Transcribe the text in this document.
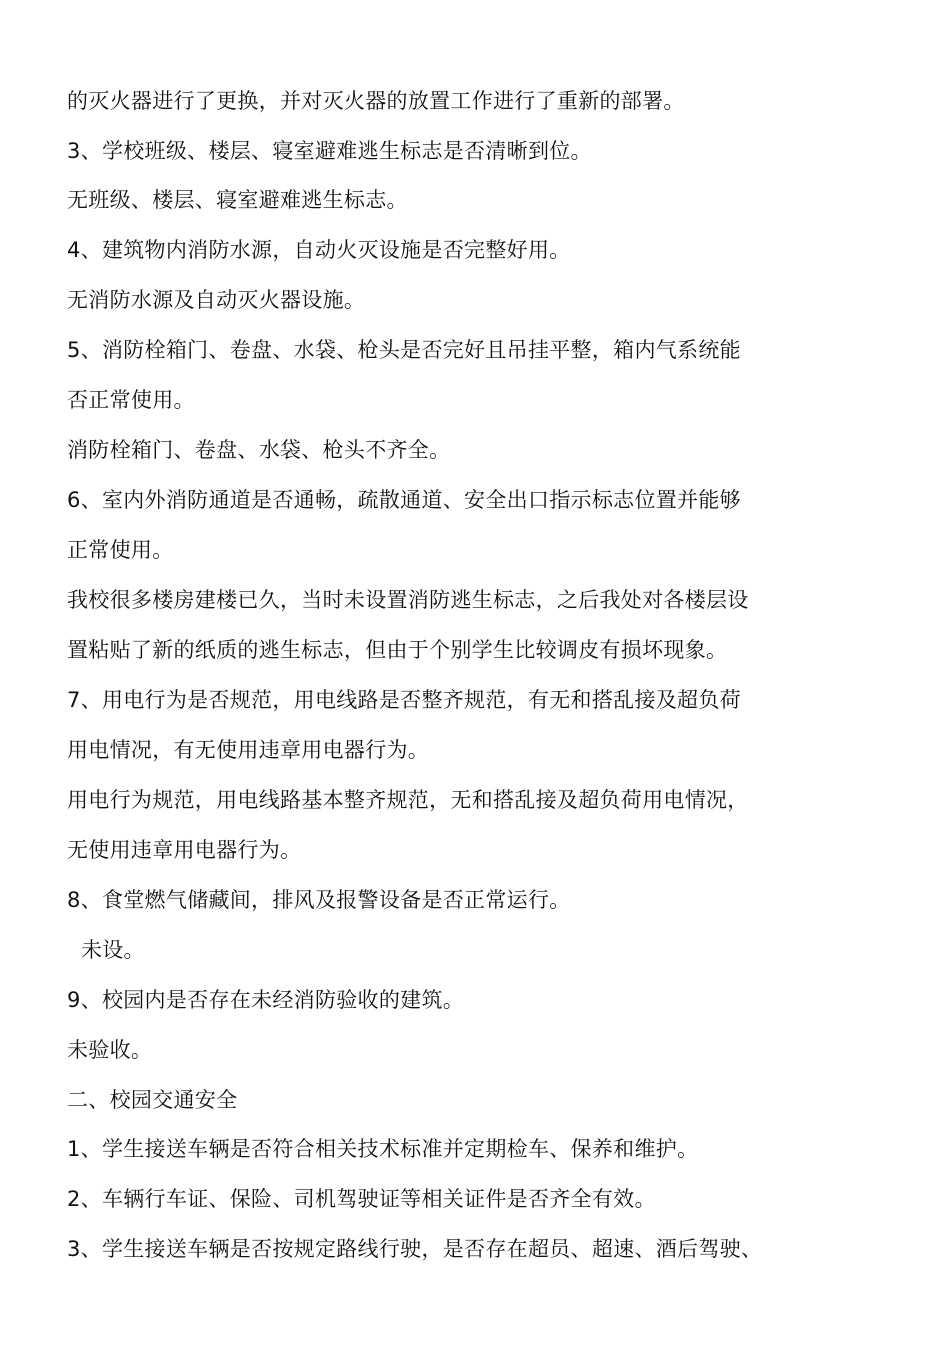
的灭火器进行了更换，并对灭火器的放置工作进行了重新的部署。

3、学校班级、楼层、寝室避难逃生标志是否清晰到位。

无班级、楼层、寝室避难逃生标志。

4、建筑物内消防水源，自动火灭设施是否完整好用。

无消防水源及自动灭火器设施。

5、消防栓箱门、卷盘、水袋、枪头是否完好且吊挂平整，箱内气系统能

否正常使用。

消防栓箱门、卷盘、水袋、枪头不齐全。

6、室内外消防通道是否通畅，疏散通道、安全出口指示标志位置并能够

正常使用。

我校很多楼房建楼已久，当时未设置消防逃生标志，之后我处对各楼层设

置粘贴了新的纸质的逃生标志，但由于个别学生比较调皮有损坏现象。

7、用电行为是否规范，用电线路是否整齐规范，有无和搭乱接及超负荷

用电情况，有无使用违章用电器行为。

用电行为规范，用电线路基本整齐规范，无和搭乱接及超负荷用电情况，

无使用违章用电器行为。

8、食堂燃气储藏间，排风及报警设备是否正常运行。

未设。

9、校园内是否存在未经消防验收的建筑。

未验收。

二、校园交通安全

1、学生接送车辆是否符合相关技术标准并定期检车、保养和维护。

2、车辆行车证、保险、司机驾驶证等相关证件是否齐全有效。

3、学生接送车辆是否按规定路线行驶，是否存在超员、超速、酒后驾驶、
